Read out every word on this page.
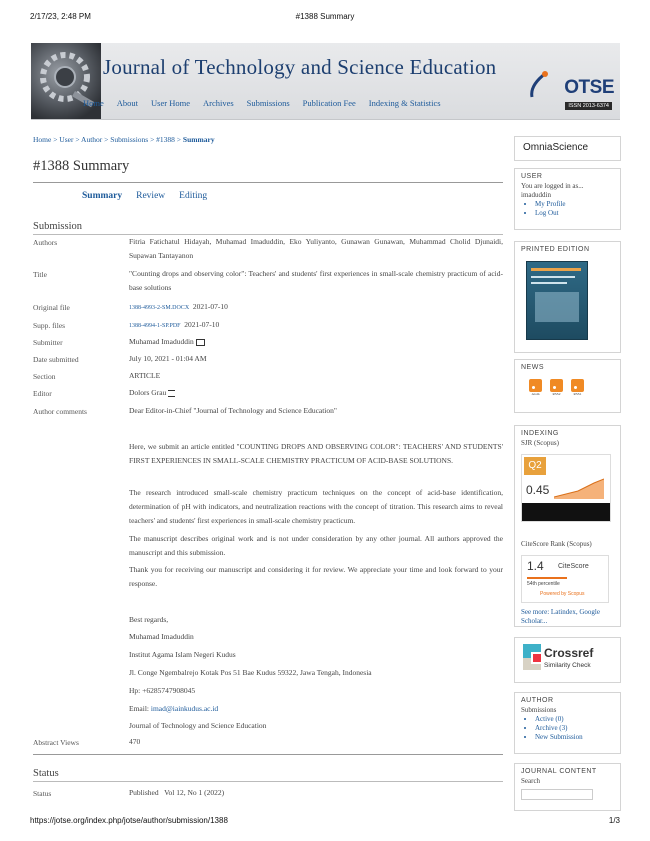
2/17/23, 2:48 PM	#1388 Summary
Journal of Technology and Science Education
Home About User Home Archives Submissions Publication Fee Indexing & Statistics
OTSE
ISSN 2013-6374
Home > User > Author > Submissions > #1388 > Summary
#1388 Summary
Summary Review Editing
Submission
Authors	Fitria Fatichatul Hidayah, Muhamad Imaduddin, Eko Yuliyanto, Gunawan Gunawan, Muhammad Cholid Djunaidi, Supawan Tantayanon
Title	"Counting drops and observing color": Teachers' and students' first experiences in small-scale chemistry practicum of acid-base solutions
Original file	1388-4993-2-SM.DOCX 2021-07-10
Supp. files	1388-4994-1-SP.PDF 2021-07-10
Submitter	Muhamad Imaduddin
Date submitted	July 10, 2021 - 01:04 AM
Section	ARTICLE
Editor	Dolors Grau
Author comments	Dear Editor-in-Chief "Journal of Technology and Science Education"
Here, we submit an article entitled "COUNTING DROPS AND OBSERVING COLOR": TEACHERS' AND STUDENTS' FIRST EXPERIENCES IN SMALL-SCALE CHEMISTRY PRACTICUM OF ACID-BASE SOLUTIONS.
The research introduced small-scale chemistry practicum techniques on the concept of acid-base identification, determination of pH with indicators, and neutralization reactions with the concept of titration. This research aims to reveal teachers' and students' first experiences in small-scale chemistry practicum.
The manuscript describes original work and is not under consideration by any other journal. All authors approved the manuscript and this submission.
Thank you for receiving our manuscript and considering it for review. We appreciate your time and look forward to your response.
Best regards,
Muhamad Imaduddin
Institut Agama Islam Negeri Kudus
Jl. Conge Ngembalrejo Kotak Pos 51 Bae Kudus 59322, Jawa Tengah, Indonesia
Hp: +6285747908045
Email: imad@iainkudus.ac.id
Journal of Technology and Science Education
Abstract Views	470
Status
Status	Published   Vol 12, No 1 (2022)
OmniaScience
USER
You are logged in as... imaduddin
• My Profile
• Log Out
PRINTED EDITION
NEWS
Atom	RSS2	RSS1
INDEXING
SJR (Scopus)
Q2
0.45
CiteScore Rank (Scopus)
1.4 CiteScore
54th percentile
Powered by Scopus
See more: Latindex, Google Scholar...
Crossref
Similarity Check
AUTHOR
Submissions
• Active (0)
• Archive (3)
• New Submission
JOURNAL CONTENT
Search
https://jotse.org/index.php/jotse/author/submission/1388	1/3
